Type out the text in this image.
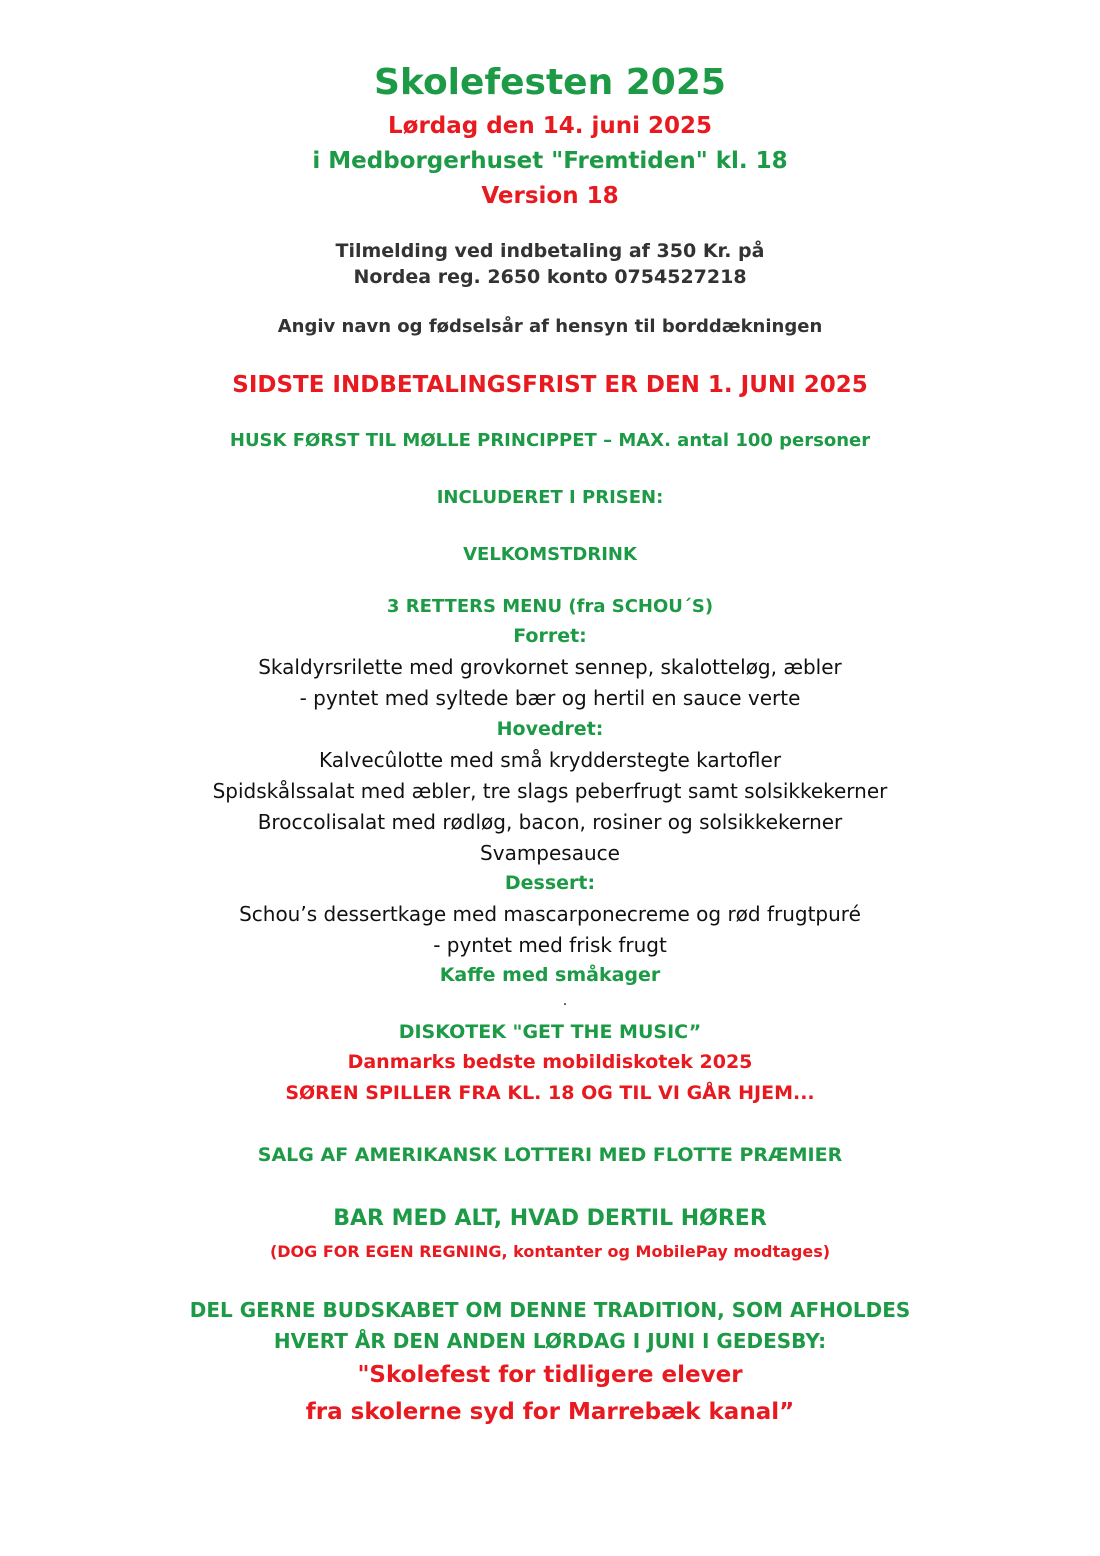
Skolefesten 2025
Lørdag den 14. juni 2025
i Medborgerhuset "Fremtiden" kl. 18
Version 18
Tilmelding ved indbetaling af 350 Kr. på
Nordea reg. 2650 konto 0754527218
Angiv navn og fødselsår af hensyn til borddækningen
SIDSTE INDBETALINGSFRIST ER DEN 1. JUNI 2025
HUSK FØRST TIL MØLLE PRINCIPPET – MAX. antal 100 personer
INCLUDERET I PRISEN:
VELKOMSTDRINK
3 RETTERS MENU (fra SCHOU´S)
Forret:
Skaldyrsrilette med grovkornet sennep, skalotteløg, æbler
- pyntet med syltede bær og hertil en sauce verte
Hovedret:
Kalvecûlotte med små krydderstegte kartofler
Spidskålssalat med æbler, tre slags peberfrugt samt solsikkekerner
Broccolisalat med rødløg, bacon, rosiner og solsikkekerner
Svampesauce
Dessert:
Schou’s dessertkage med mascarponecreme og rød frugtpuré
- pyntet med frisk frugt
Kaffe med småkager
.
DISKOTEK "GET THE MUSIC”
Danmarks bedste mobildiskotek 2025
SØREN SPILLER FRA KL. 18 OG TIL VI GÅR HJEM...
SALG AF AMERIKANSK LOTTERI MED FLOTTE PRÆMIER
BAR MED ALT, HVAD DERTIL HØRER
(DOG FOR EGEN REGNING, kontanter og MobilePay modtages)
DEL GERNE BUDSKABET OM DENNE TRADITION, SOM AFHOLDES
HVERT ÅR DEN ANDEN LØRDAG I JUNI I GEDESBY:
"Skolefest for tidligere elever
fra skolerne syd for Marrebæk kanal”
